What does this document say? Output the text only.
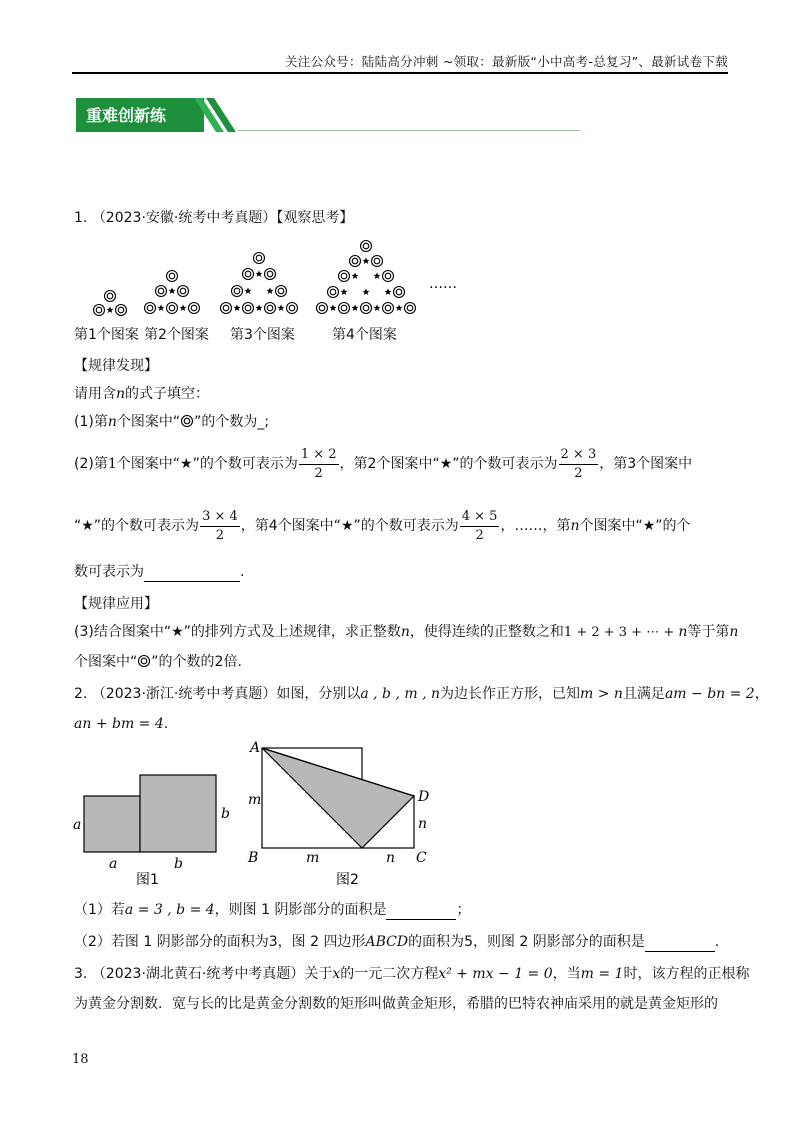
关注公众号：陆陆高分冲刺 ~领取：最新版“小中高考-总复习”、最新试卷下载
重难创新练
1. （2023·安徽·统考中考真题）【观察思考】
……
第1个图案 第2个图案 第3个图案	第4个图案
【规律发现】
请用含n的式子填空：
(1)第n个图案中“ ”的个数为_;
(2)第1个图案中“★”的个数可表示为 $\frac{1 \times 2}{2}$ ，第2个图案中“★”的个数可表示为 $\frac{2 \times 3}{2}$ ，第3个图案中
“★”的个数可表示为 $\frac{3 \times 4}{2}$ ，第4个图案中“★”的个数可表示为 $\frac{4 \times 5}{2}$ ，……，第n个图案中“★”的个
数可表示为	.
【规律应用】
(3)结合图案中“★”的排列方式及上述规律，求正整数n，使得连续的正整数之和1 + 2 + 3 + ⋯ + n等于第n
个图案中“ ”的个数的2倍.
2. （2023·浙江·统考中考真题）如图，分别以a , b , m , n为边长作正方形，已知m > n且满足am − bn = 2，
an + bm = 4.
a
b
a	b
图1
A
D
B	C
m
m	n
n
图2
（1）若a = 3 , b = 4，则图 1 阴影部分的面积是	；
（2）若图 1 阴影部分的面积为3，图 2 四边形ABCD的面积为5，则图 2 阴影部分的面积是	.
3. （2023·湖北黄石·统考中考真题）关于x的一元二次方程x² + mx − 1 = 0，当m = 1时，该方程的正根称
为黄金分割数．宽与长的比是黄金分割数的矩形叫做黄金矩形，希腊的巴特农神庙采用的就是黄金矩形的
18
